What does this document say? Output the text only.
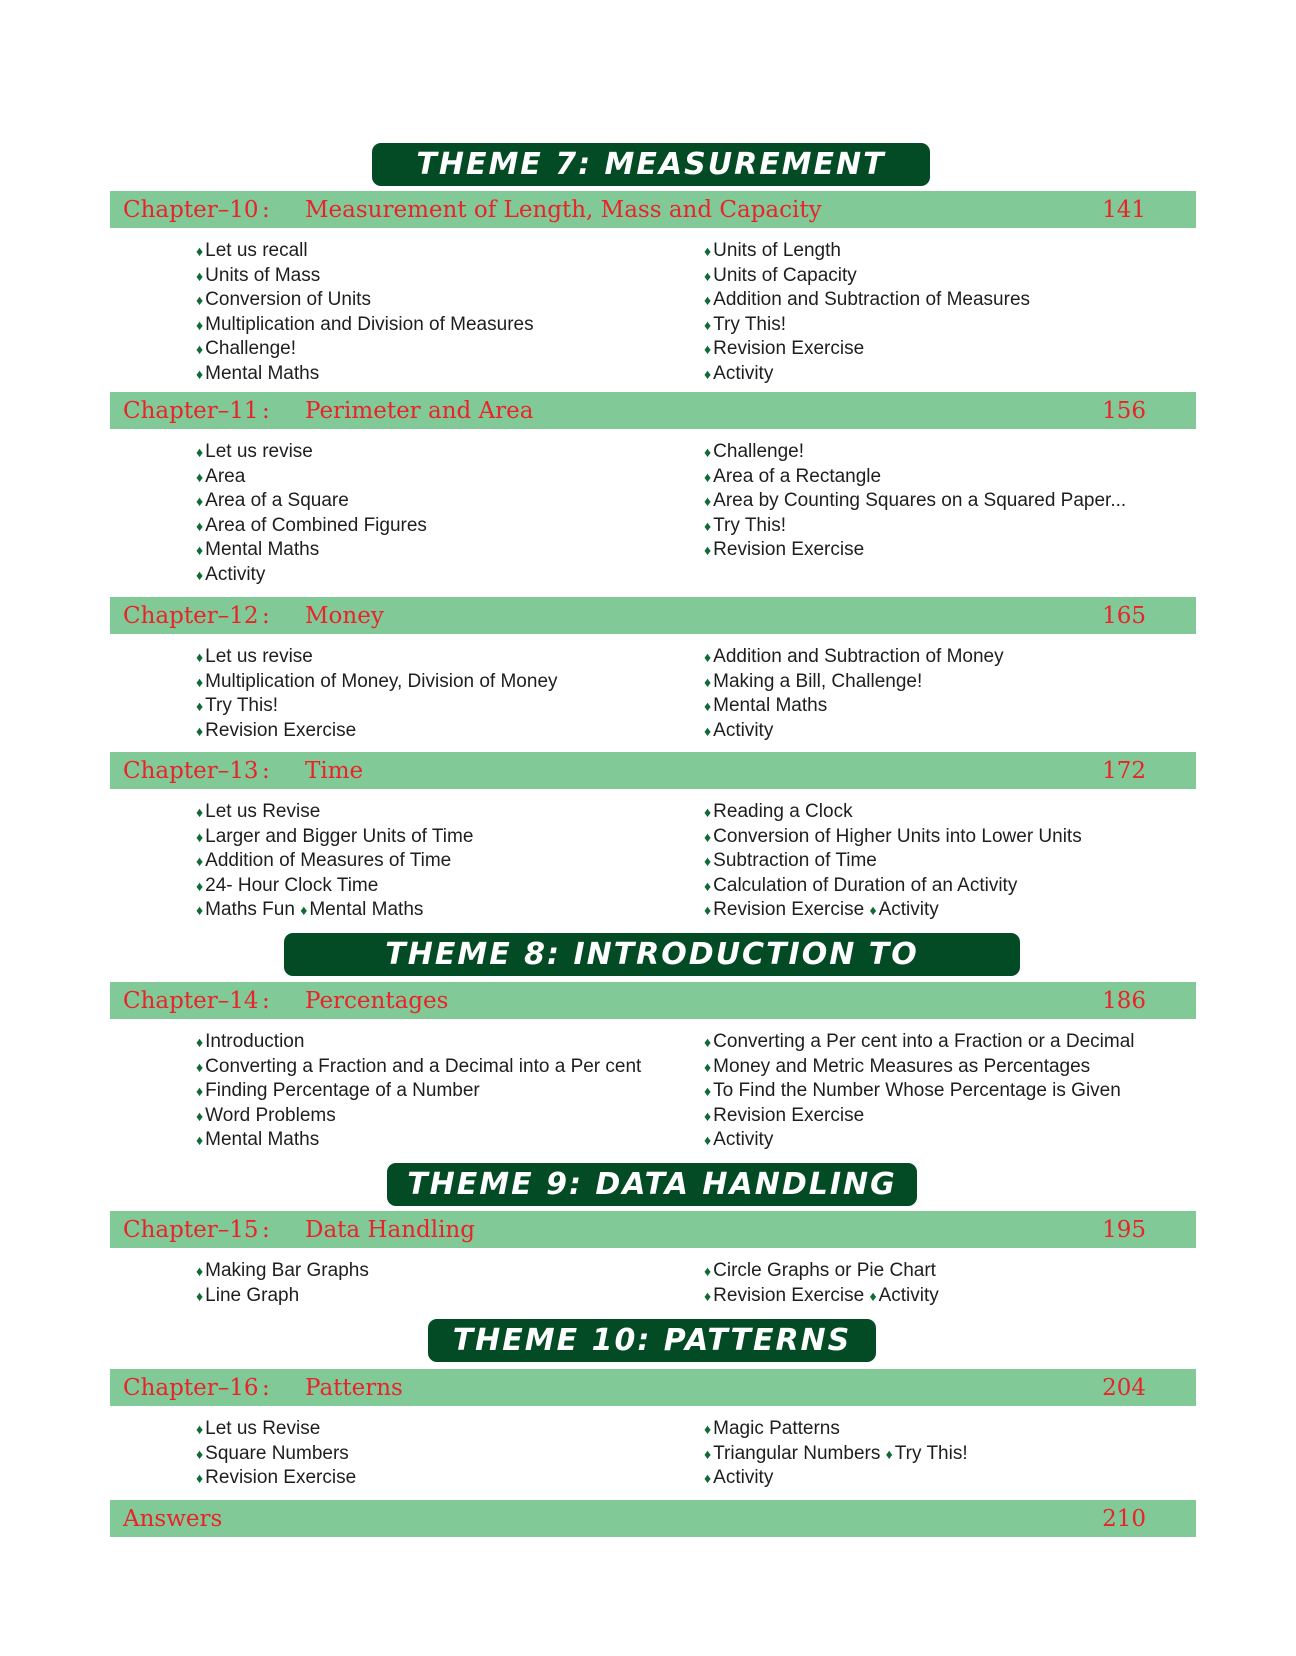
THEME 7: MEASUREMENT
Chapter–10 : Measurement of Length, Mass and Capacity	141
♦ Let us recall
♦ Units of Mass
♦ Conversion of Units
♦ Multiplication and Division of Measures
♦ Challenge!
♦ Mental Maths
♦ Units of Length
♦ Units of Capacity
♦ Addition and Subtraction of Measures
♦ Try This!
♦ Revision Exercise
♦ Activity
Chapter–11 : Perimeter and Area	156
♦ Let us revise
♦ Area
♦ Area of a Square
♦ Area of Combined Figures
♦ Mental Maths
♦ Activity
♦ Challenge!
♦ Area of a Rectangle
♦ Area by Counting Squares on a Squared Paper...
♦ Try This!
♦ Revision Exercise
Chapter–12 : Money	165
♦ Let us revise
♦ Multiplication of Money, Division of Money
♦ Try This!
♦ Revision Exercise
♦ Addition and Subtraction of Money
♦ Making a Bill, Challenge!
♦ Mental Maths
♦ Activity
Chapter–13 : Time	172
♦ Let us Revise
♦ Larger and Bigger Units of Time
♦ Addition of Measures of Time
♦ 24- Hour Clock Time
♦ Maths Fun ♦ Mental Maths
♦ Reading a Clock
♦ Conversion of Higher Units into Lower Units
♦ Subtraction of Time
♦ Calculation of Duration of an Activity
♦ Revision Exercise ♦ Activity
THEME 8: INTRODUCTION TO
Chapter–14 : Percentages	186
♦ Introduction
♦ Converting a Fraction and a Decimal into a Per cent
♦ Finding Percentage of a Number
♦ Word Problems
♦ Mental Maths
♦ Converting a Per cent into a Fraction or a Decimal
♦ Money and Metric Measures as Percentages
♦ To Find the Number Whose Percentage is Given
♦ Revision Exercise
♦ Activity
THEME 9: DATA HANDLING
Chapter–15 : Data Handling	195
♦ Making Bar Graphs
♦ Line Graph
♦ Circle Graphs or Pie Chart
♦ Revision Exercise ♦ Activity
THEME 10: PATTERNS
Chapter–16 : Patterns	204
♦ Let us Revise
♦ Square Numbers
♦ Revision Exercise
♦ Magic Patterns
♦ Triangular Numbers ♦ Try This!
♦ Activity
Answers	210
